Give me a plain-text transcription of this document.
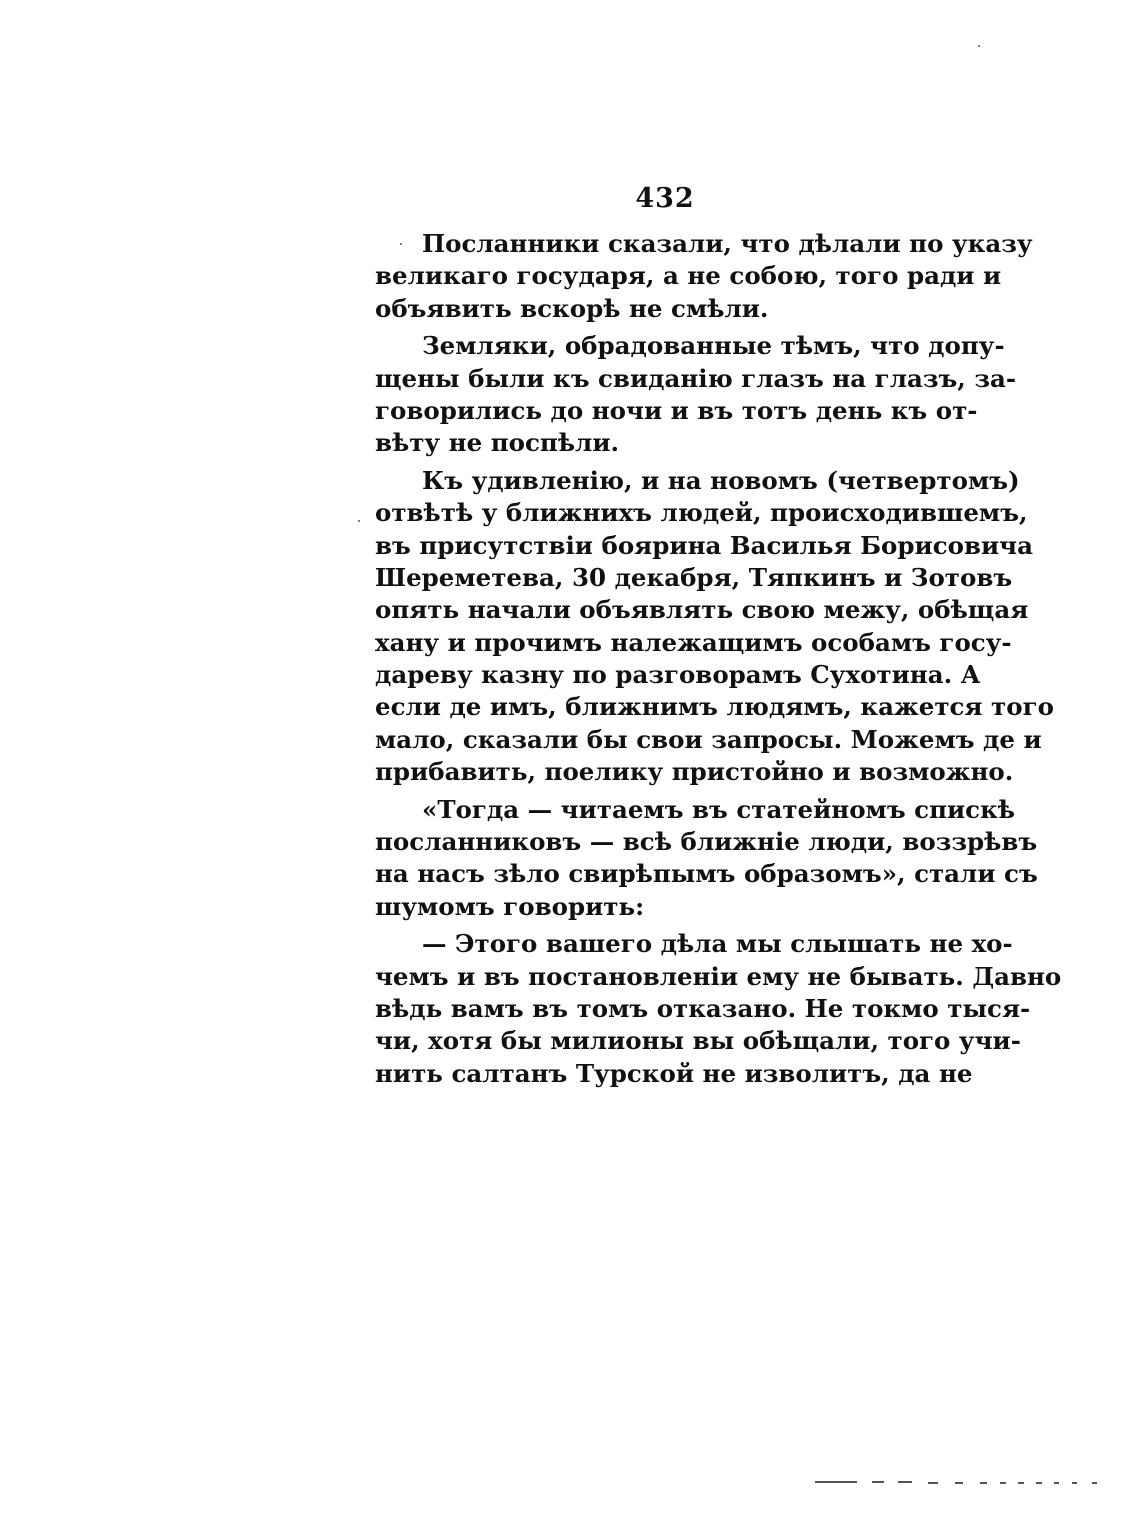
432
Посланники сказали, что дѣлали по указу
великаго государя, а не собою, того ради и
объявить вскорѣ не смѣли.
Земляки, обрадованные тѣмъ, что допу-
щены были къ свиданію глазъ на глазъ, за-
говорились до ночи и въ тотъ день къ от-
вѣту не поспѣли.
Къ удивленію, и на новомъ (четвертомъ)
отвѣтѣ у ближнихъ людей, происходившемъ,
въ присутствіи боярина Василья Борисовича
Шереметева, 30 декабря, Тяпкинъ и Зотовъ
опять начали объявлять свою межу, обѣщая
хану и прочимъ належащимъ особамъ госу-
дареву казну по разговорамъ Сухотина. А
если де имъ, ближнимъ людямъ, кажется того
мало, сказали бы свои запросы. Можемъ де и
прибавить, поелику пристойно и возможно.
«Тогда — читаемъ въ статейномъ спискѣ
посланниковъ — всѣ ближніе люди, воззрѣвъ
на насъ зѣло свирѣпымъ образомъ», стали съ
шумомъ говорить:
— Этого вашего дѣла мы слышать не хо-
чемъ и въ постановленіи ему не бывать. Давно
вѣдь вамъ въ томъ отказано. Не токмо тыся-
чи, хотя бы милионы вы обѣщали, того учи-
нить салтанъ Турской не изволитъ, да не
